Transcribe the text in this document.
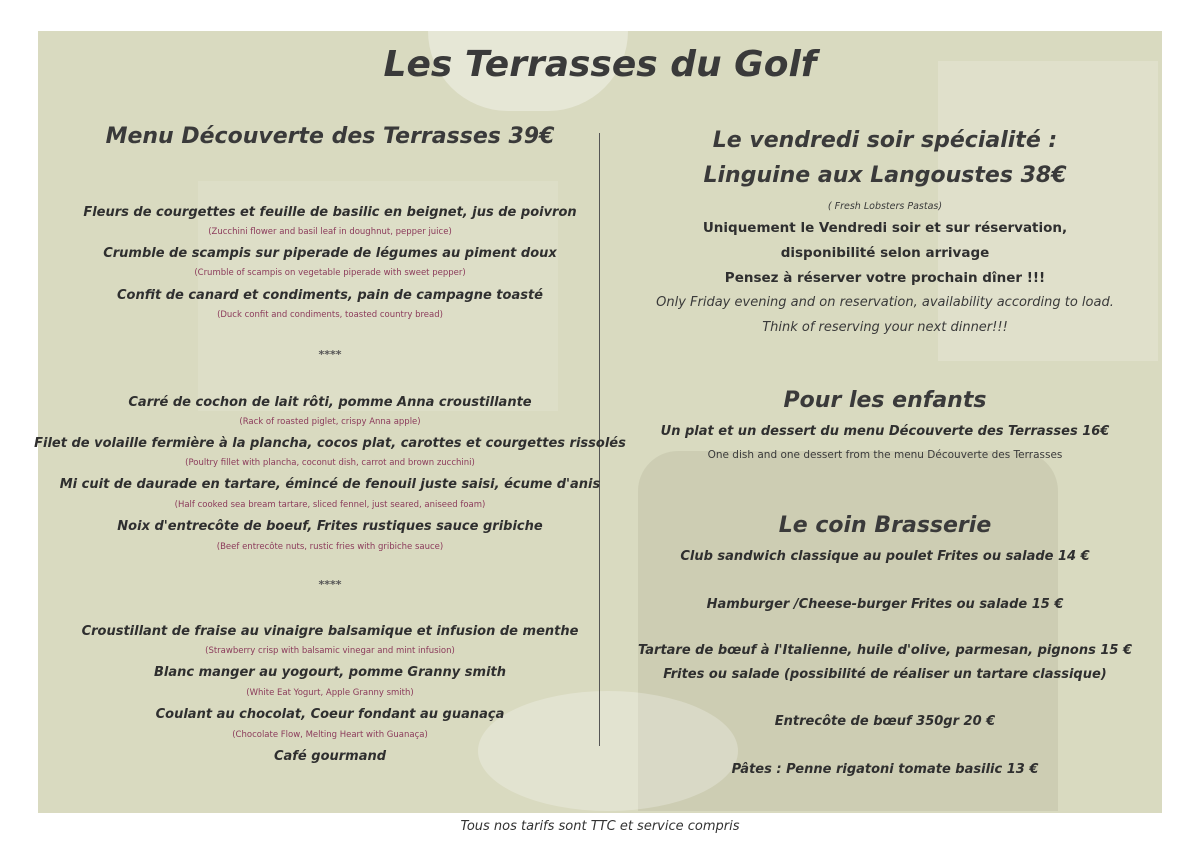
Les Terrasses du Golf
Menu Découverte des Terrasses 39€
Fleurs de courgettes et feuille de basilic en beignet, jus de poivron
(Zucchini flower and basil leaf in doughnut, pepper juice)
Crumble de scampis sur piperade de légumes au piment doux
(Crumble of scampis on vegetable piperade with sweet pepper)
Confit de canard et condiments, pain de campagne toasté
(Duck confit and condiments, toasted country bread)
****
Carré de cochon de lait rôti, pomme Anna croustillante
(Rack of roasted piglet, crispy Anna apple)
Filet de volaille fermière à la plancha, cocos plat, carottes et courgettes rissolés
(Poultry fillet with plancha, coconut dish, carrot and brown zucchini)
Mi cuit de daurade en tartare, émincé de fenouil juste saisi, écume d'anis
(Half cooked sea bream tartare, sliced fennel, just seared, aniseed foam)
Noix d'entrecôte de boeuf, Frites rustiques sauce gribiche
(Beef entrecôte nuts, rustic fries with gribiche sauce)
****
Croustillant de fraise au vinaigre balsamique et infusion de menthe
(Strawberry crisp with balsamic vinegar and mint infusion)
Blanc manger au yogourt, pomme Granny smith
(White Eat Yogurt, Apple Granny smith)
Coulant au chocolat, Coeur fondant au guanaça
(Chocolate Flow, Melting Heart with Guanaça)
Café gourmand
Le vendredi soir spécialité :
Linguine aux Langoustes 38€
( Fresh Lobsters Pastas)
Uniquement le Vendredi soir et sur réservation,
disponibilité selon arrivage
Pensez à réserver votre prochain dîner !!!
Only Friday evening and on reservation, availability according to load.
Think of reserving your next dinner!!!
Pour les enfants
Un plat et un dessert du menu Découverte des Terrasses 16€
One dish and one dessert from the menu Découverte des Terrasses
Le coin Brasserie
Club sandwich classique au poulet Frites ou salade 14 €
Hamburger /Cheese-burger Frites ou salade 15 €
Tartare de bœuf à l'Italienne, huile d'olive, parmesan, pignons 15 €
Frites ou salade (possibilité de réaliser un tartare classique)
Entrecôte de bœuf 350gr 20 €
Pâtes : Penne rigatoni tomate basilic 13 €
Tous nos tarifs sont TTC et service compris
